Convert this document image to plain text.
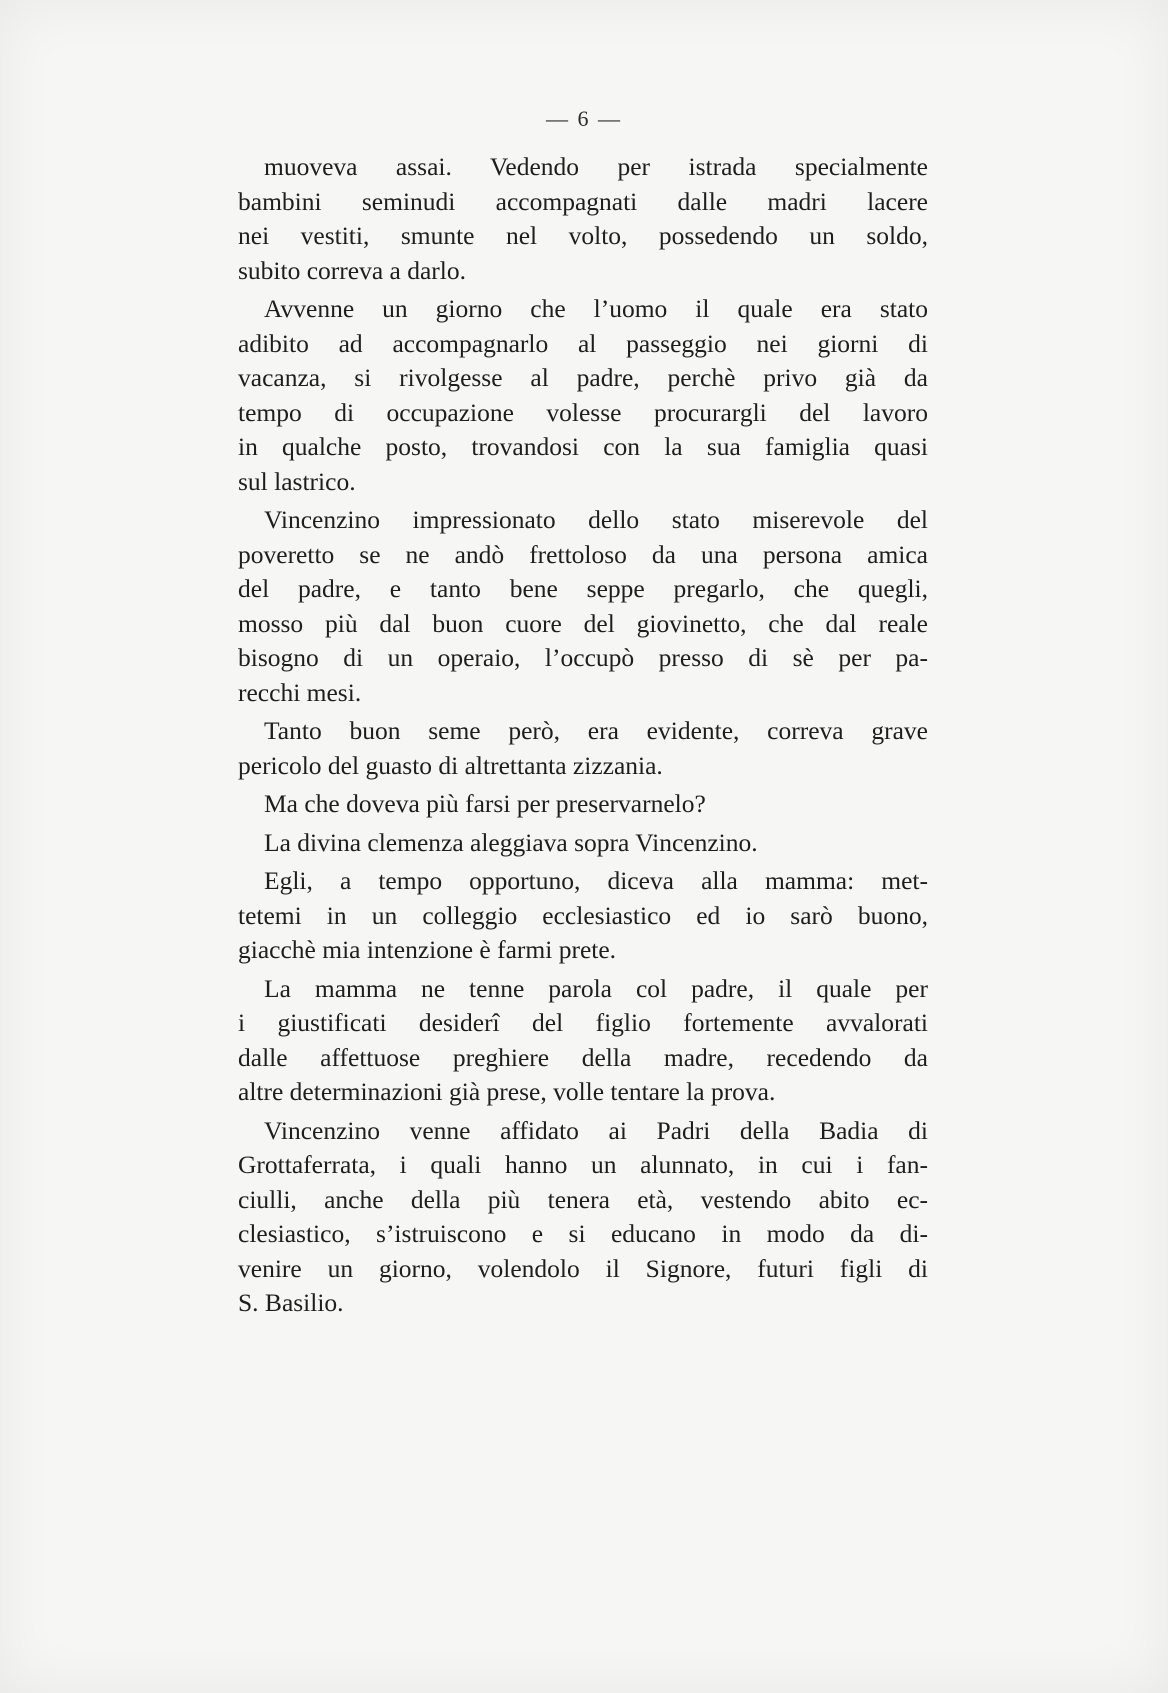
— 6 —
muoveva assai. Vedendo per istrada specialmente
bambini seminudi accompagnati dalle madri lacere
nei vestiti, smunte nel volto, possedendo un soldo,
subito correva a darlo.
Avvenne un giorno che l’uomo il quale era stato
adibito ad accompagnarlo al passeggio nei giorni di
vacanza, si rivolgesse al padre, perchè privo già da
tempo di occupazione volesse procurargli del lavoro
in qualche posto, trovandosi con la sua famiglia quasi
sul lastrico.
Vincenzino impressionato dello stato miserevole del
poveretto se ne andò frettoloso da una persona amica
del padre, e tanto bene seppe pregarlo, che quegli,
mosso più dal buon cuore del giovinetto, che dal reale
bisogno di un operaio, l’occupò presso di sè per pa-
recchi mesi.
Tanto buon seme però, era evidente, correva grave
pericolo del guasto di altrettanta zizzania.
Ma che doveva più farsi per preservarnelo?
La divina clemenza aleggiava sopra Vincenzino.
Egli, a tempo opportuno, diceva alla mamma: met-
tetemi in un colleggio ecclesiastico ed io sarò buono,
giacchè mia intenzione è farmi prete.
La mamma ne tenne parola col padre, il quale per
i giustificati desiderî del figlio fortemente avvalorati
dalle affettuose preghiere della madre, recedendo da
altre determinazioni già prese, volle tentare la prova.
Vincenzino venne affidato ai Padri della Badia di
Grottaferrata, i quali hanno un alunnato, in cui i fan-
ciulli, anche della più tenera età, vestendo abito ec-
clesiastico, s’istruiscono e si educano in modo da di-
venire un giorno, volendolo il Signore, futuri figli di
S. Basilio.
